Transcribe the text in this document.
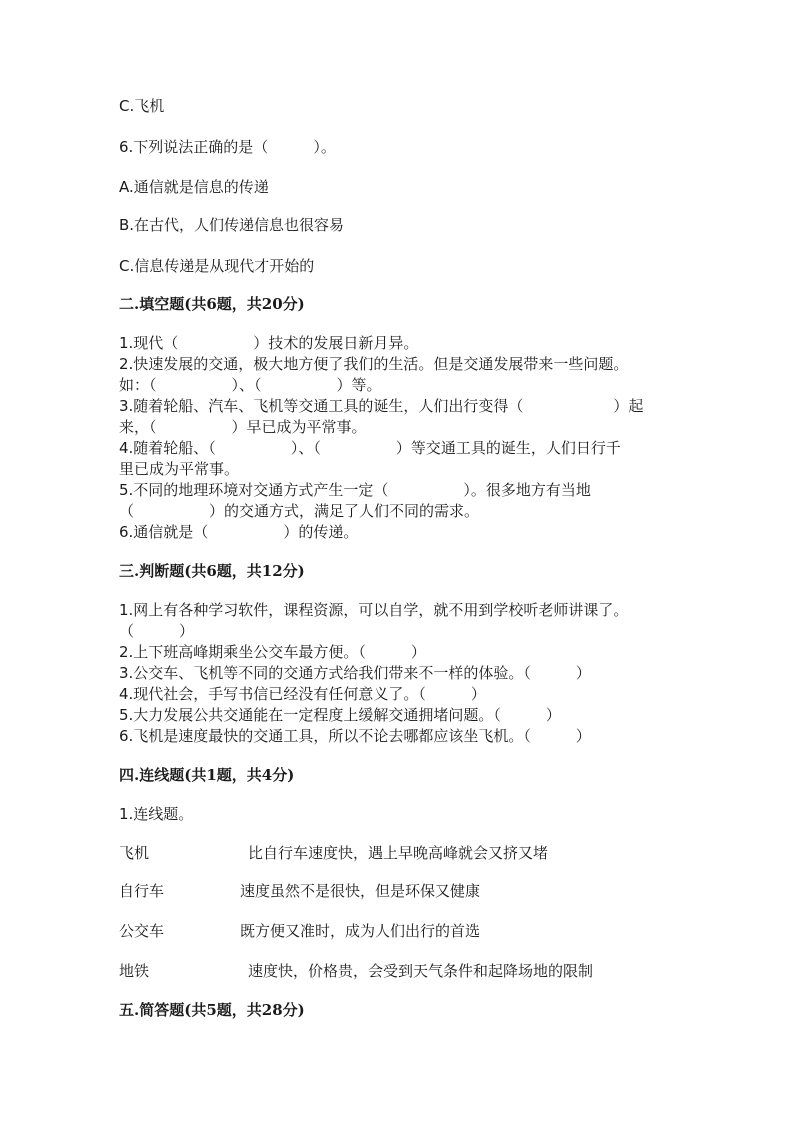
C.飞机
6.下列说法正确的是（　　　）。
A.通信就是信息的传递
B.在古代，人们传递信息也很容易
C.信息传递是从现代才开始的
二.填空题(共6题，共20分)
1.现代（　　　　　）技术的发展日新月异。
2.快速发展的交通，极大地方便了我们的生活。但是交通发展带来一些问题。
如：（　　　　　）、（　　　　　）等。
3.随着轮船、汽车、飞机等交通工具的诞生，人们出行变得（　　　　　　）起
来，（　　　　　）早已成为平常事。
4.随着轮船、（　　　　　）、（　　　　　）等交通工具的诞生，人们日行千
里已成为平常事。
5.不同的地理环境对交通方式产生一定（　　　　　）。很多地方有当地
（　　　　　）的交通方式，满足了人们不同的需求。
6.通信就是（　　　　　）的传递。
三.判断题(共6题，共12分)
1.网上有各种学习软件，课程资源，可以自学，就不用到学校听老师讲课了。
（　　　）
2.上下班高峰期乘坐公交车最方便。（　　　）
3.公交车、飞机等不同的交通方式给我们带来不一样的体验。（　　　）
4.现代社会，手写书信已经没有任何意义了。（　　　）
5.大力发展公共交通能在一定程度上缓解交通拥堵问题。（　　　）
6.飞机是速度最快的交通工具，所以不论去哪都应该坐飞机。（　　　）
四.连线题(共1题，共4分)
1.连线题。
飞机	比自行车速度快，遇上早晚高峰就会又挤又堵
自行车	速度虽然不是很快，但是环保又健康
公交车	既方便又准时，成为人们出行的首选
地铁	速度快，价格贵，会受到天气条件和起降场地的限制
五.简答题(共5题，共28分)
